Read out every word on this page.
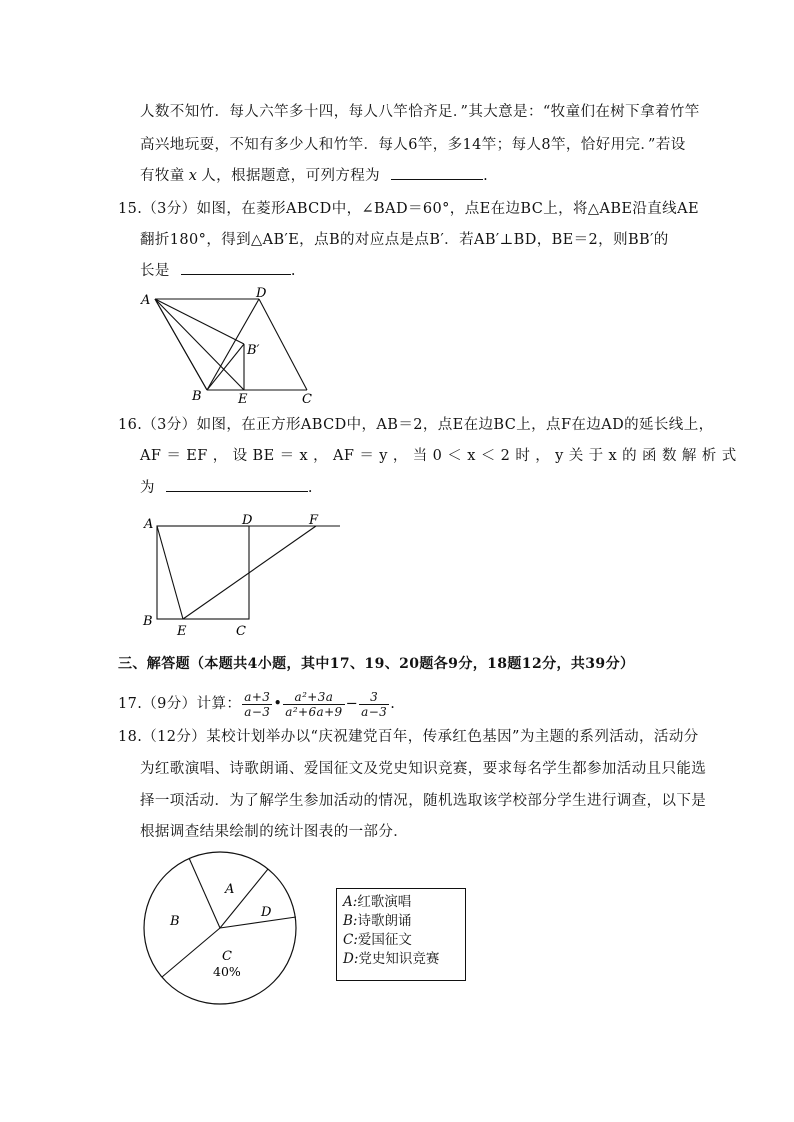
人数不知竹．每人六竿多十四，每人八竿恰齐足．”其大意是：“牧童们在树下拿着竹竿
高兴地玩耍，不知有多少人和竹竿．每人6竿，多14竿；每人8竿，恰好用完．”若设
有牧童 x 人，根据题意，可列方程为	.
15.（3分）如图，在菱形ABCD中，∠BAD＝60°，点E在边BC上，将△ABE沿直线AE
翻折180°，得到△AB′E，点B的对应点是点B′．若AB′⊥BD，BE＝2，则BB′的
长是	.
A	D
B′
B	E	C
16.（3分）如图，在正方形ABCD中，AB＝2，点E在边BC上，点F在边AD的延长线上，
AF ＝ EF ， 设 BE ＝ x ， AF ＝ y ， 当 0 ＜ x ＜ 2 时 ， y 关 于 x 的 函 数 解 析 式
为	.
A	D	F
B
E	C
三、解答题（本题共4小题，其中17、19、20题各9分，18题12分，共39分）
17.（9分）计算： $\frac{a+3}{a-3}$ • $\frac{\text{a²+3a}}{\text{a²+6a+9}} - \frac{3}{a-3}$ .
18.（12分）某校计划举办以“庆祝建党百年，传承红色基因”为主题的系列活动，活动分
为红歌演唱、诗歌朗诵、爱国征文及党史知识竞赛，要求每名学生都参加活动且只能选
择一项活动．为了解学生参加活动的情况，随机选取该学校部分学生进行调查，以下是
根据调查结果绘制的统计图表的一部分．
A
B
C
40%
D
A:红歌演唱
B:诗歌朗诵
C:爱国征文
D:党史知识竞赛
